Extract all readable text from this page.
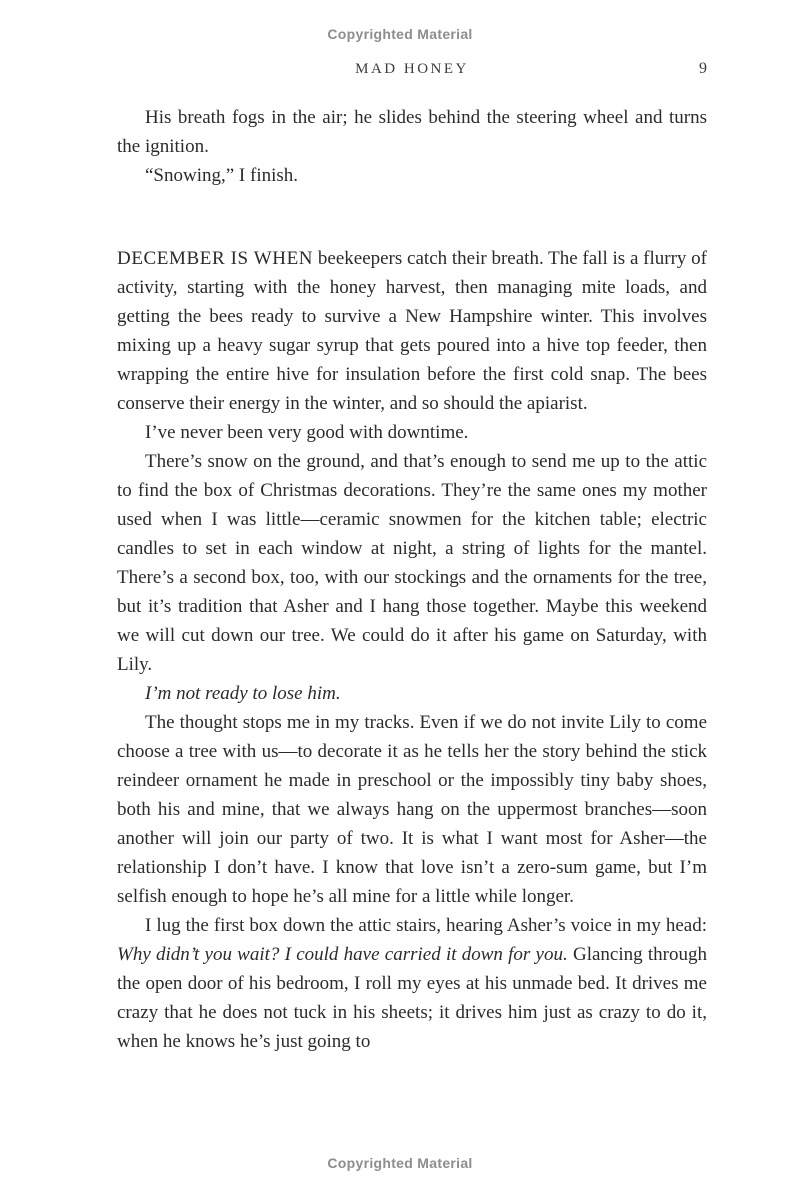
Copyrighted Material
MAD HONEY	9

His breath fogs in the air; he slides behind the steering wheel and turns the ignition.

“Snowing,” I finish.

DECEMBER IS WHEN beekeepers catch their breath. The fall is a flurry of activity, starting with the honey harvest, then managing mite loads, and getting the bees ready to survive a New Hampshire winter. This involves mixing up a heavy sugar syrup that gets poured into a hive top feeder, then wrapping the entire hive for insulation before the first cold snap. The bees conserve their energy in the winter, and so should the apiarist.

I’ve never been very good with downtime.

There’s snow on the ground, and that’s enough to send me up to the attic to find the box of Christmas decorations. They’re the same ones my mother used when I was little—ceramic snowmen for the kitchen table; electric candles to set in each window at night, a string of lights for the mantel. There’s a second box, too, with our stockings and the ornaments for the tree, but it’s tradition that Asher and I hang those together. Maybe this weekend we will cut down our tree. We could do it after his game on Saturday, with Lily.

I’m not ready to lose him.

The thought stops me in my tracks. Even if we do not invite Lily to come choose a tree with us—to decorate it as he tells her the story behind the stick reindeer ornament he made in preschool or the impossibly tiny baby shoes, both his and mine, that we always hang on the uppermost branches—soon another will join our party of two. It is what I want most for Asher—the relationship I don’t have. I know that love isn’t a zero-sum game, but I’m selfish enough to hope he’s all mine for a little while longer.

I lug the first box down the attic stairs, hearing Asher’s voice in my head: Why didn’t you wait? I could have carried it down for you. Glancing through the open door of his bedroom, I roll my eyes at his unmade bed. It drives me crazy that he does not tuck in his sheets; it drives him just as crazy to do it, when he knows he’s just going to

Copyrighted Material
